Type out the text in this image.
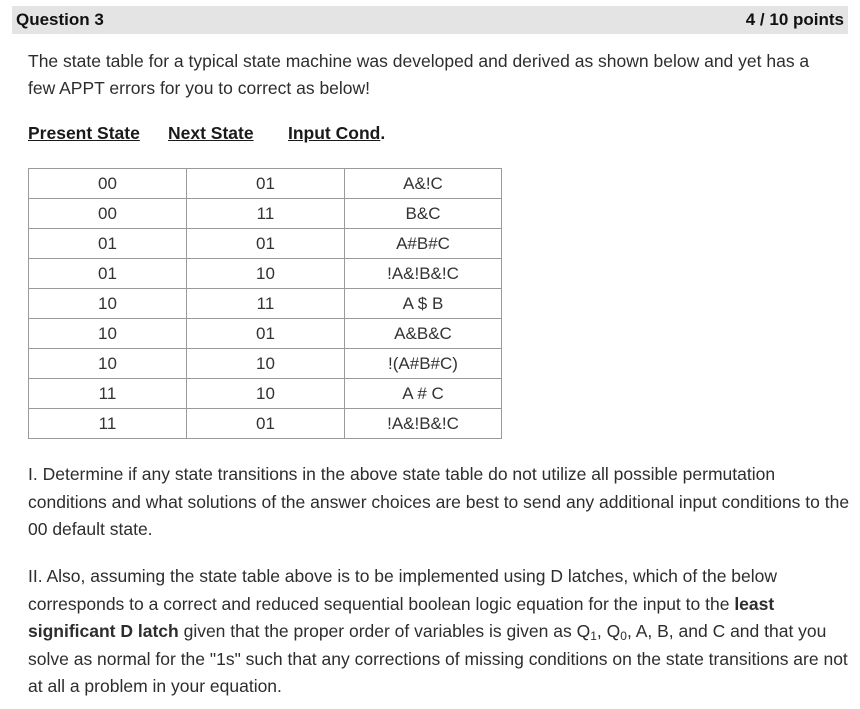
Question 3	4 / 10 points
The state table for a typical state machine was developed and derived as shown below and yet has a few APPT errors for you to correct as below!
Present State Next State Input Cond.
00	01	A&!C
00	11	B&C
01	01	A#B#C
01	10	!A&!B&!C
10	11	A $ B
10	01	A&B&C
10	10	!(A#B#C)
11	10	A # C
11	01	!A&!B&!C
I. Determine if any state transitions in the above state table do not utilize all possible permutation conditions and what solutions of the answer choices are best to send any additional input conditions to the 00 default state.
II. Also, assuming the state table above is to be implemented using D latches, which of the below corresponds to a correct and reduced sequential boolean logic equation for the input to the least significant D latch given that the proper order of variables is given as $Q_1$, $Q_0$, A, B, and C and that you solve as normal for the "1s" such that any corrections of missing conditions on the state transitions are not at all a problem in your equation.
